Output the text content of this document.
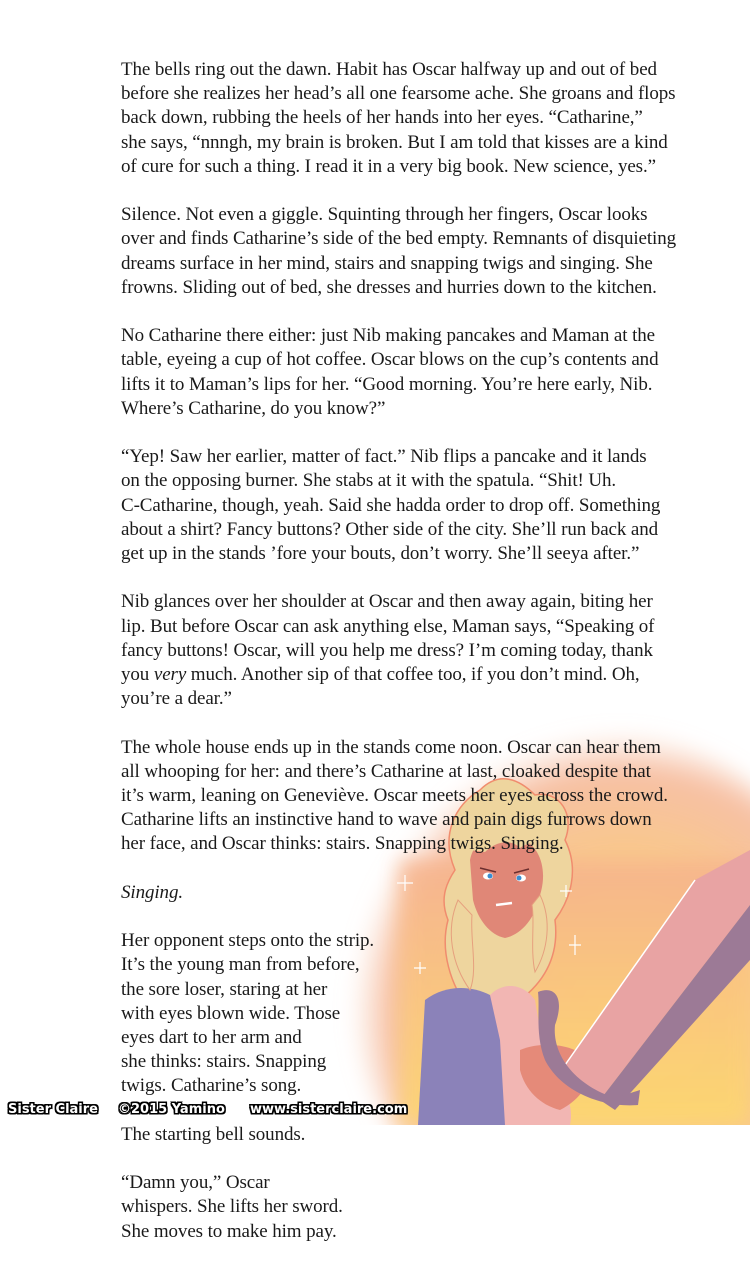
The bells ring out the dawn. Habit has Oscar halfway up and out of bed
before she realizes her head’s all one fearsome ache. She groans and flops
back down, rubbing the heels of her hands into her eyes. “Catharine,”
she says, “nnngh, my brain is broken. But I am told that kisses are a kind
of cure for such a thing. I read it in a very big book. New science, yes.”

Silence. Not even a giggle. Squinting through her fingers, Oscar looks
over and finds Catharine’s side of the bed empty. Remnants of disquieting
dreams surface in her mind, stairs and snapping twigs and singing. She
frowns. Sliding out of bed, she dresses and hurries down to the kitchen.

No Catharine there either: just Nib making pancakes and Maman at the
table, eyeing a cup of hot coffee. Oscar blows on the cup’s contents and
lifts it to Maman’s lips for her. “Good morning. You’re here early, Nib.
Where’s Catharine, do you know?”

“Yep! Saw her earlier, matter of fact.” Nib flips a pancake and it lands
on the opposing burner. She stabs at it with the spatula. “Shit! Uh.
C-Catharine, though, yeah. Said she hadda order to drop off. Something
about a shirt? Fancy buttons? Other side of the city. She’ll run back and
get up in the stands ’fore your bouts, don’t worry. She’ll seeya after.”

Nib glances over her shoulder at Oscar and then away again, biting her
lip. But before Oscar can ask anything else, Maman says, “Speaking of
fancy buttons! Oscar, will you help me dress? I’m coming today, thank
you very much. Another sip of that coffee too, if you don’t mind. Oh,
you’re a dear.”

The whole house ends up in the stands come noon. Oscar can hear them
all whooping for her: and there’s Catharine at last, cloaked despite that
it’s warm, leaning on Geneviève. Oscar meets her eyes across the crowd.
Catharine lifts an instinctive hand to wave and pain digs furrows down
her face, and Oscar thinks: stairs. Snapping twigs. Singing.

Singing.

Her opponent steps onto the strip.
It’s the young man from before,
the sore loser, staring at her
with eyes blown wide. Those
eyes dart to her arm and
she thinks: stairs. Snapping
twigs. Catharine’s song.

The starting bell sounds.

“Damn you,” Oscar
whispers. She lifts her sword.
She moves to make him pay.

Sister Claire ©2015 Yamino www.sisterclaire.com
